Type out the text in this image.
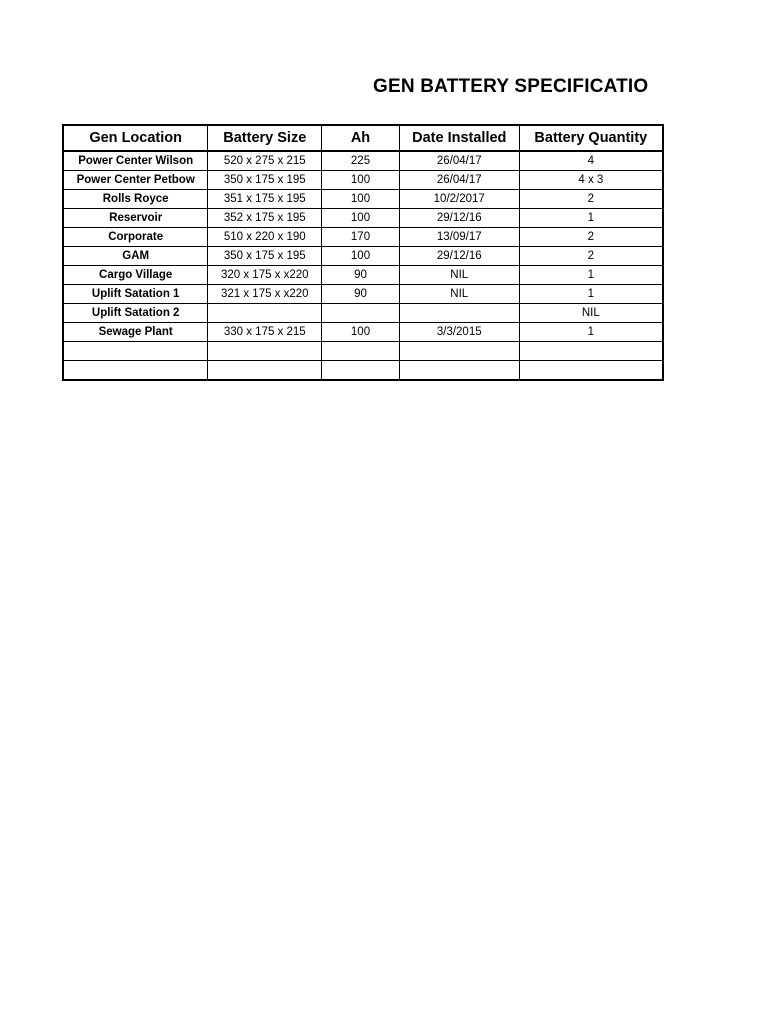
GEN BATTERY SPECIFICATIO
Gen Location	Battery Size	Ah	Date Installed	Battery Quantity
Power Center Wilson	520 x 275 x 215	225	26/04/17	4
Power Center Petbow	350 x 175 x 195	100	26/04/17	4 x 3
Rolls Royce	351 x 175 x 195	100	10/2/2017	2
Reservoir	352 x 175 x 195	100	29/12/16	1
Corporate	510 x 220 x 190	170	13/09/17	2
GAM	350 x 175 x 195	100	29/12/16	2
Cargo Village	320 x 175 x x220	90	NIL	1
Uplift Satation 1	321 x 175 x x220	90	NIL	1
Uplift Satation 2				NIL
Sewage Plant	330 x 175 x 215	100	3/3/2015	1
